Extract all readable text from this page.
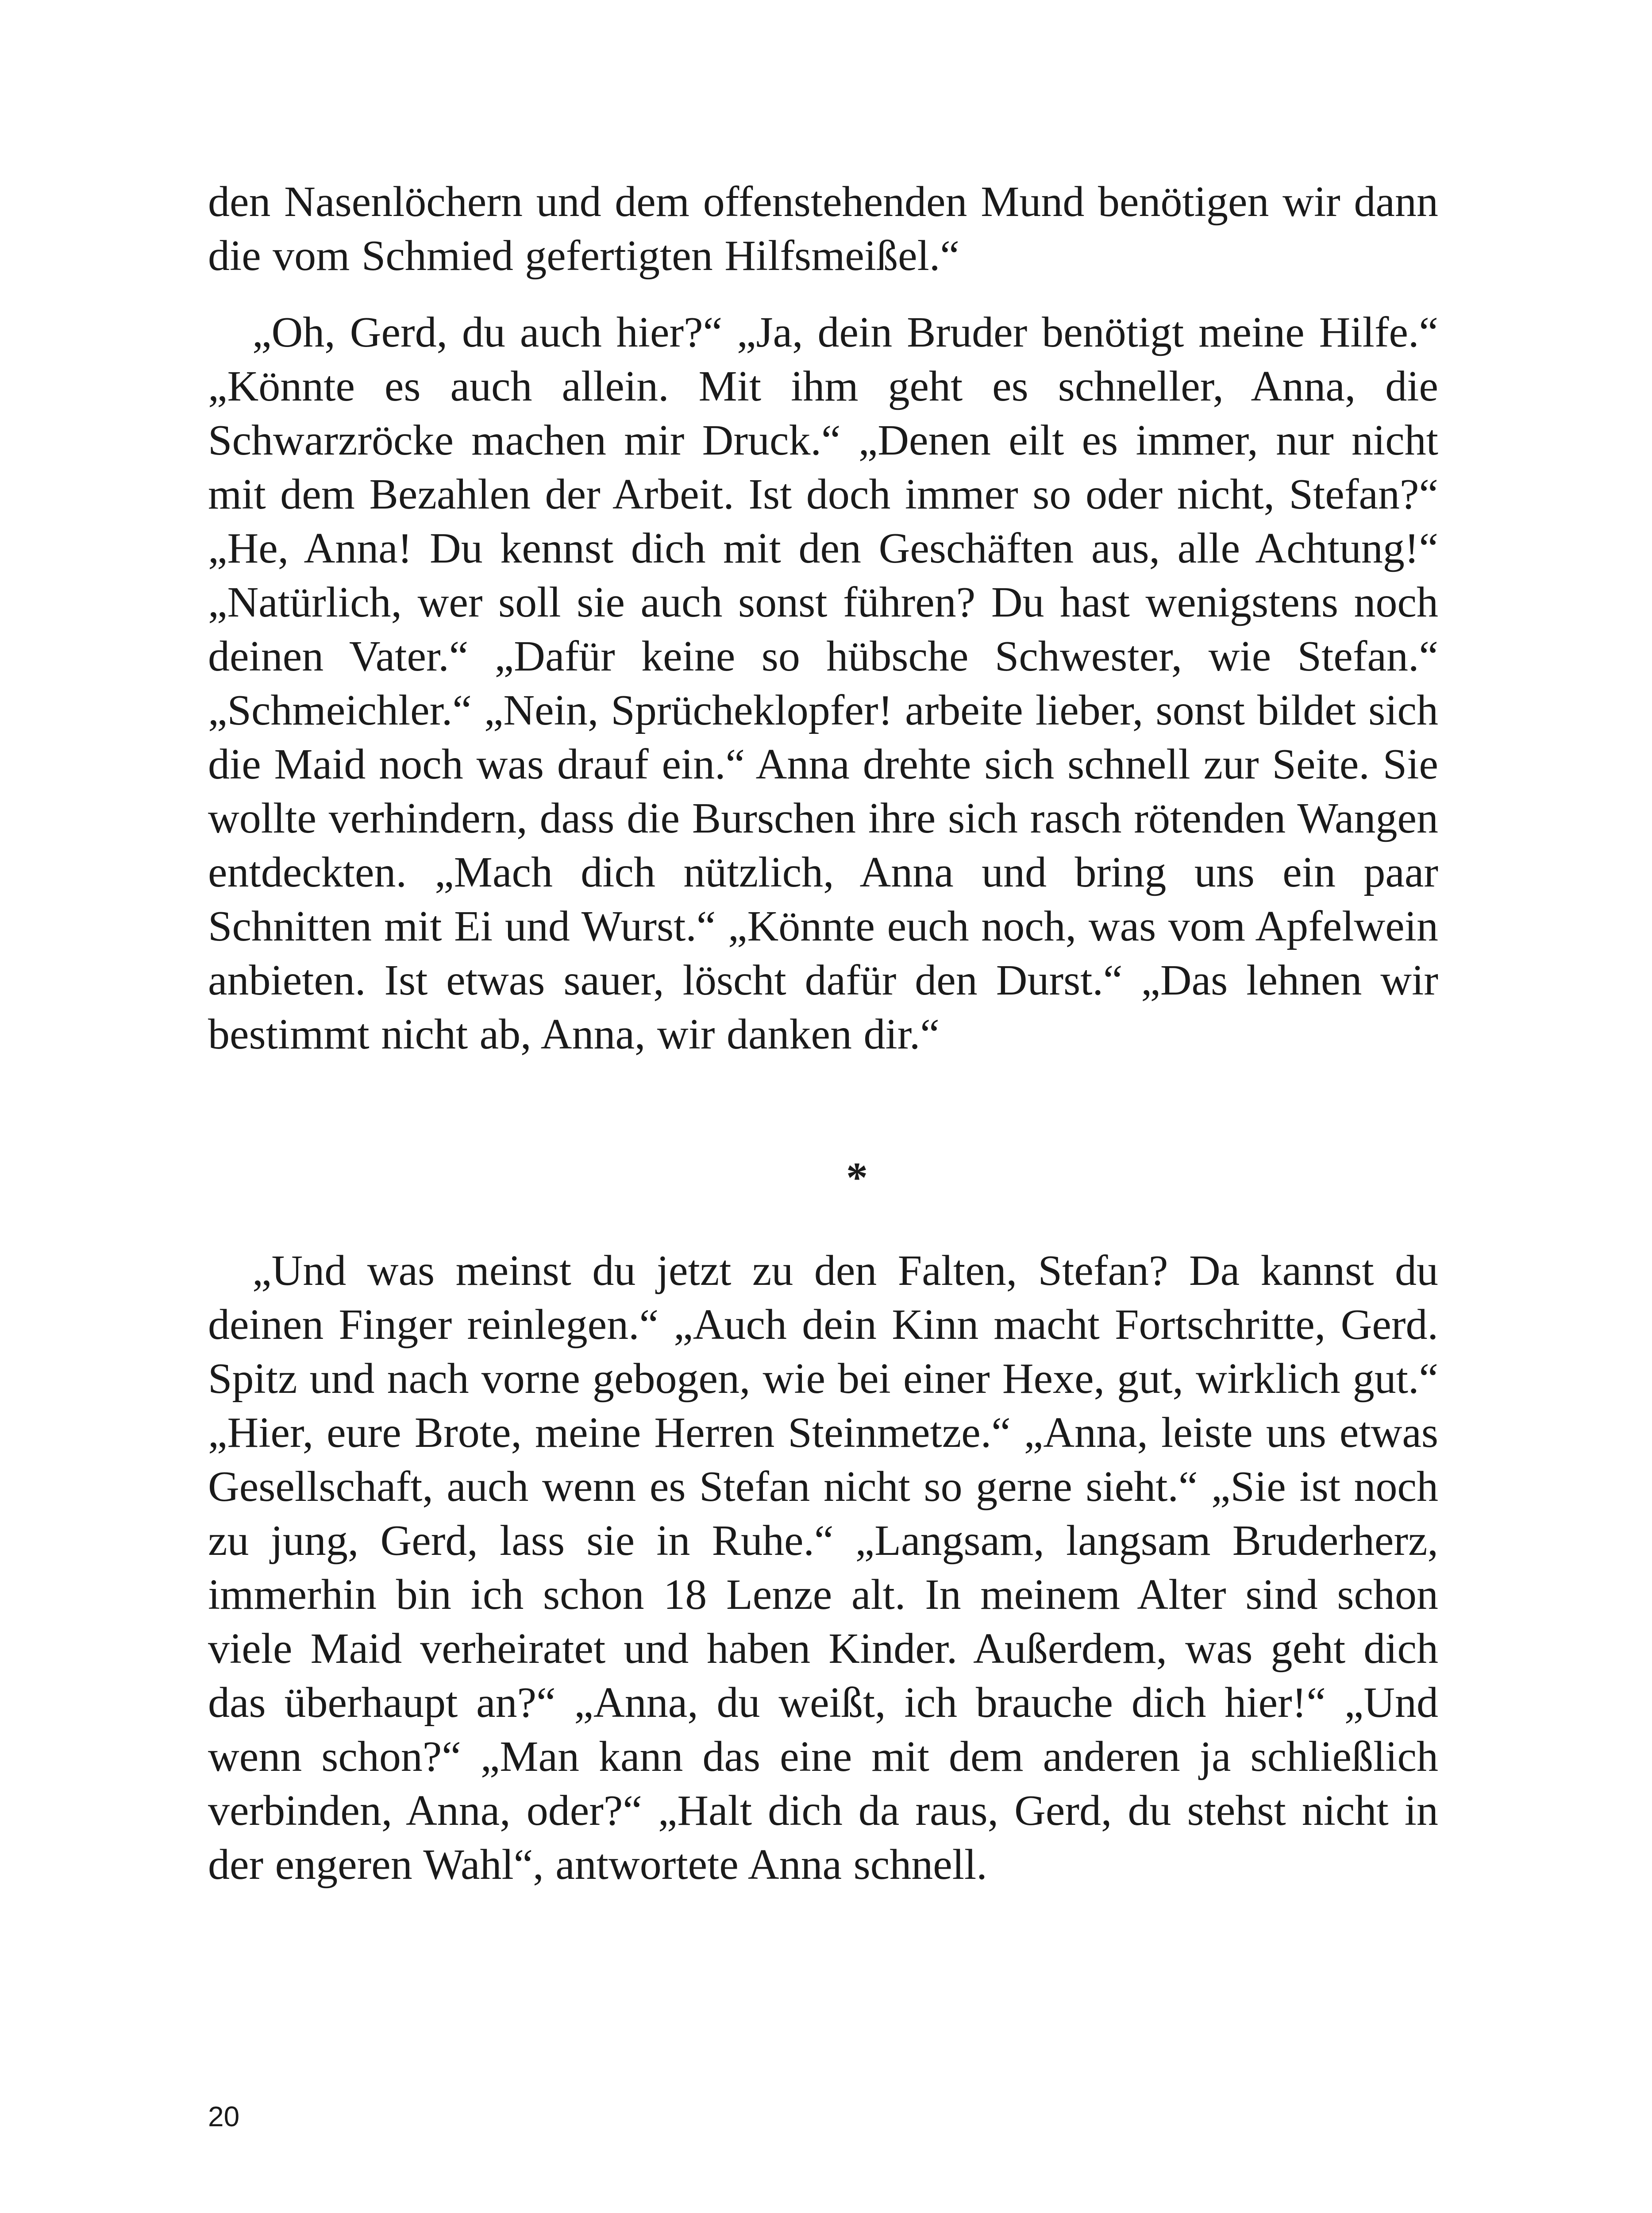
den Nasenlöchern und dem offenstehenden Mund benötigen wir dann die vom Schmied gefertigten Hilfsmeißel.“

„Oh, Gerd, du auch hier?“ „Ja, dein Bruder benötigt meine Hilfe.“ „Könnte es auch allein. Mit ihm geht es schneller, Anna, die Schwarzröcke machen mir Druck.“ „Denen eilt es immer, nur nicht mit dem Bezahlen der Arbeit. Ist doch immer so oder nicht, Stefan?“ „He, Anna! Du kennst dich mit den Geschäften aus, alle Achtung!“ „Natürlich, wer soll sie auch sonst führen? Du hast wenigstens noch deinen Vater.“ „Dafür keine so hübsche Schwester, wie Stefan.“ „Schmeichler.“ „Nein, Sprücheklopfer! arbeite lieber, sonst bildet sich die Maid noch was drauf ein.“ Anna drehte sich schnell zur Seite. Sie wollte verhindern, dass die Burschen ihre sich rasch rötenden Wangen entdeckten. „Mach dich nützlich, Anna und bring uns ein paar Schnitten mit Ei und Wurst.“ „Könnte euch noch, was vom Apfelwein anbieten. Ist etwas sauer, löscht dafür den Durst.“ „Das lehnen wir bestimmt nicht ab, Anna, wir danken dir.“

*

„Und was meinst du jetzt zu den Falten, Stefan? Da kannst du deinen Finger reinlegen.“ „Auch dein Kinn macht Fortschritte, Gerd. Spitz und nach vorne gebogen, wie bei einer Hexe, gut, wirklich gut.“ „Hier, eure Brote, meine Herren Steinmetze.“ „Anna, leiste uns etwas Gesellschaft, auch wenn es Stefan nicht so gerne sieht.“ „Sie ist noch zu jung, Gerd, lass sie in Ruhe.“ „Langsam, langsam Bruderherz, immerhin bin ich schon 18 Lenze alt. In meinem Alter sind schon viele Maid verheiratet und haben Kinder. Außerdem, was geht dich das überhaupt an?“ „Anna, du weißt, ich brauche dich hier!“ „Und wenn schon?“ „Man kann das eine mit dem anderen ja schließlich verbinden, Anna, oder?“ „Halt dich da raus, Gerd, du stehst nicht in der engeren Wahl“, antwortete Anna schnell.

20
